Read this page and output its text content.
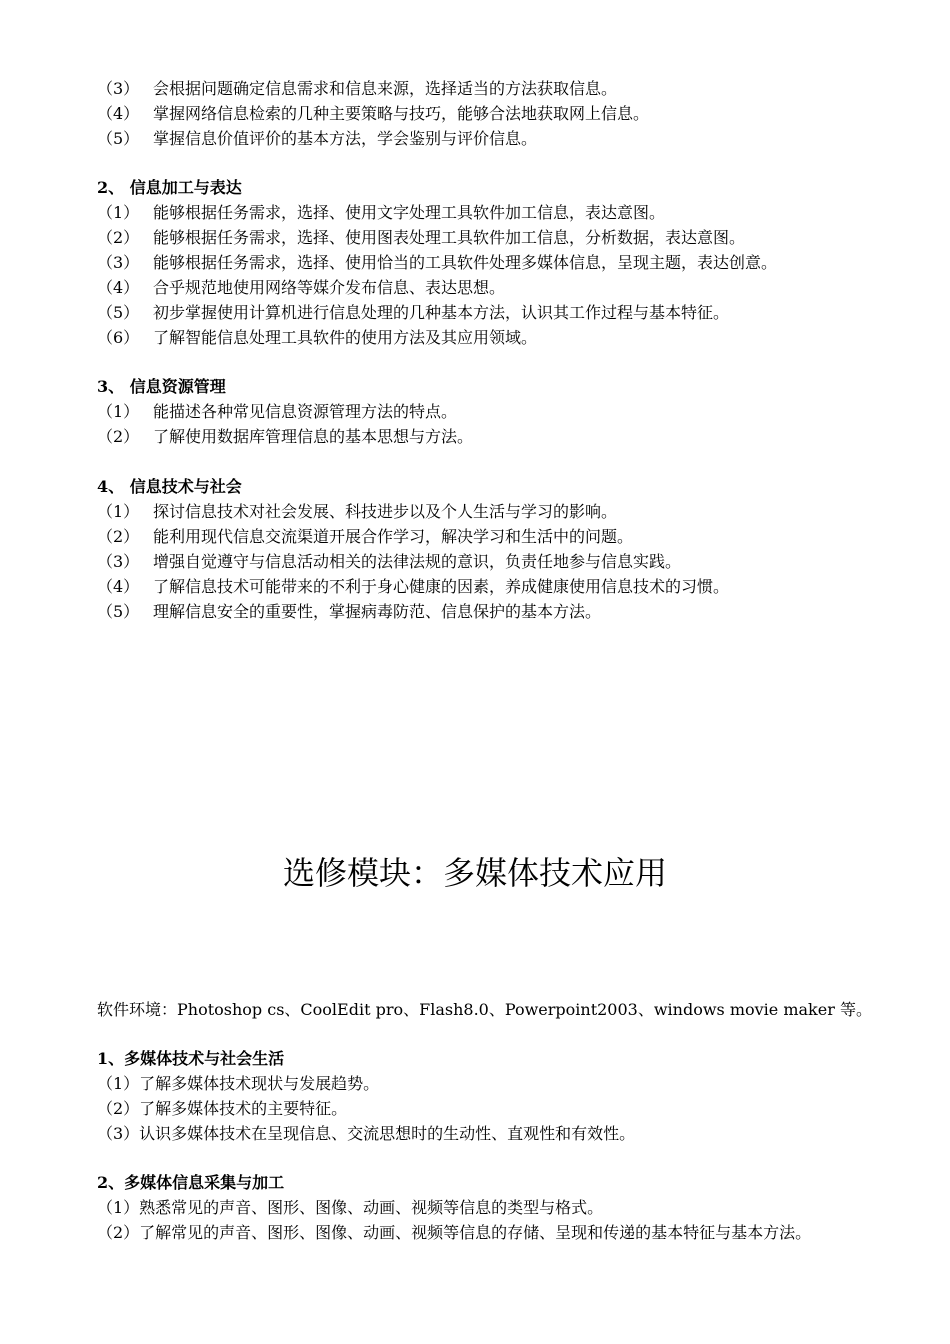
（3） 会根据问题确定信息需求和信息来源，选择适当的方法获取信息。
（4） 掌握网络信息检索的几种主要策略与技巧，能够合法地获取网上信息。
（5） 掌握信息价值评价的基本方法，学会鉴别与评价信息。
2、 信息加工与表达
（1） 能够根据任务需求，选择、使用文字处理工具软件加工信息，表达意图。
（2） 能够根据任务需求，选择、使用图表处理工具软件加工信息，分析数据，表达意图。
（3） 能够根据任务需求，选择、使用恰当的工具软件处理多媒体信息，呈现主题，表达创意。
（4） 合乎规范地使用网络等媒介发布信息、表达思想。
（5） 初步掌握使用计算机进行信息处理的几种基本方法，认识其工作过程与基本特征。
（6） 了解智能信息处理工具软件的使用方法及其应用领域。
3、 信息资源管理
（1） 能描述各种常见信息资源管理方法的特点。
（2） 了解使用数据库管理信息的基本思想与方法。
4、 信息技术与社会
（1） 探讨信息技术对社会发展、科技进步以及个人生活与学习的影响。
（2） 能利用现代信息交流渠道开展合作学习，解决学习和生活中的问题。
（3） 增强自觉遵守与信息活动相关的法律法规的意识，负责任地参与信息实践。
（4） 了解信息技术可能带来的不利于身心健康的因素，养成健康使用信息技术的习惯。
（5） 理解信息安全的重要性，掌握病毒防范、信息保护的基本方法。
选修模块：多媒体技术应用
软件环境：Photoshop cs、CoolEdit pro、Flash8.0、Powerpoint2003、windows movie maker 等。
1、多媒体技术与社会生活
（1）了解多媒体技术现状与发展趋势。
（2）了解多媒体技术的主要特征。
（3）认识多媒体技术在呈现信息、交流思想时的生动性、直观性和有效性。
2、多媒体信息采集与加工
（1）熟悉常见的声音、图形、图像、动画、视频等信息的类型与格式。
（2）了解常见的声音、图形、图像、动画、视频等信息的存储、呈现和传递的基本特征与基本方法。
